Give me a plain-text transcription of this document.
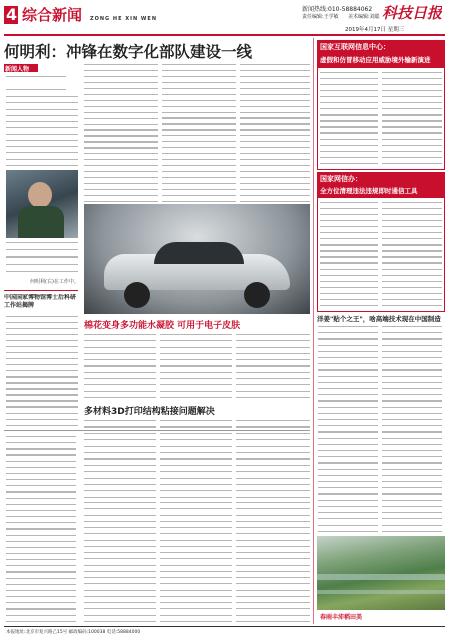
4 综合新闻 ZONG HE XIN WEN
新闻热线:010-58884062
责任编辑:王学敏 美术编辑:刘聪 科技日报
2019年4月17日 星期三
何明利：冲锋在数字化部队建设一线
新闻人物
何明利(右)在工作中。
棉花变身多功能水凝胶 可用于电子皮肤
中国国家博物馆博士后科研工作站揭牌
多材料3D打印结构粘接问题解决
国家互联网信息中心：
虚假和仿冒移动应用威胁境外输新演进
国家网信办：
全方位清理违法违规即时通信工具
洋姜"贴个之王"，啥高端技术现在中国制造
春雨丰沛稻田美
本报地址:北京市复兴路乙15号 邮政编码:100038 电话:58884000
